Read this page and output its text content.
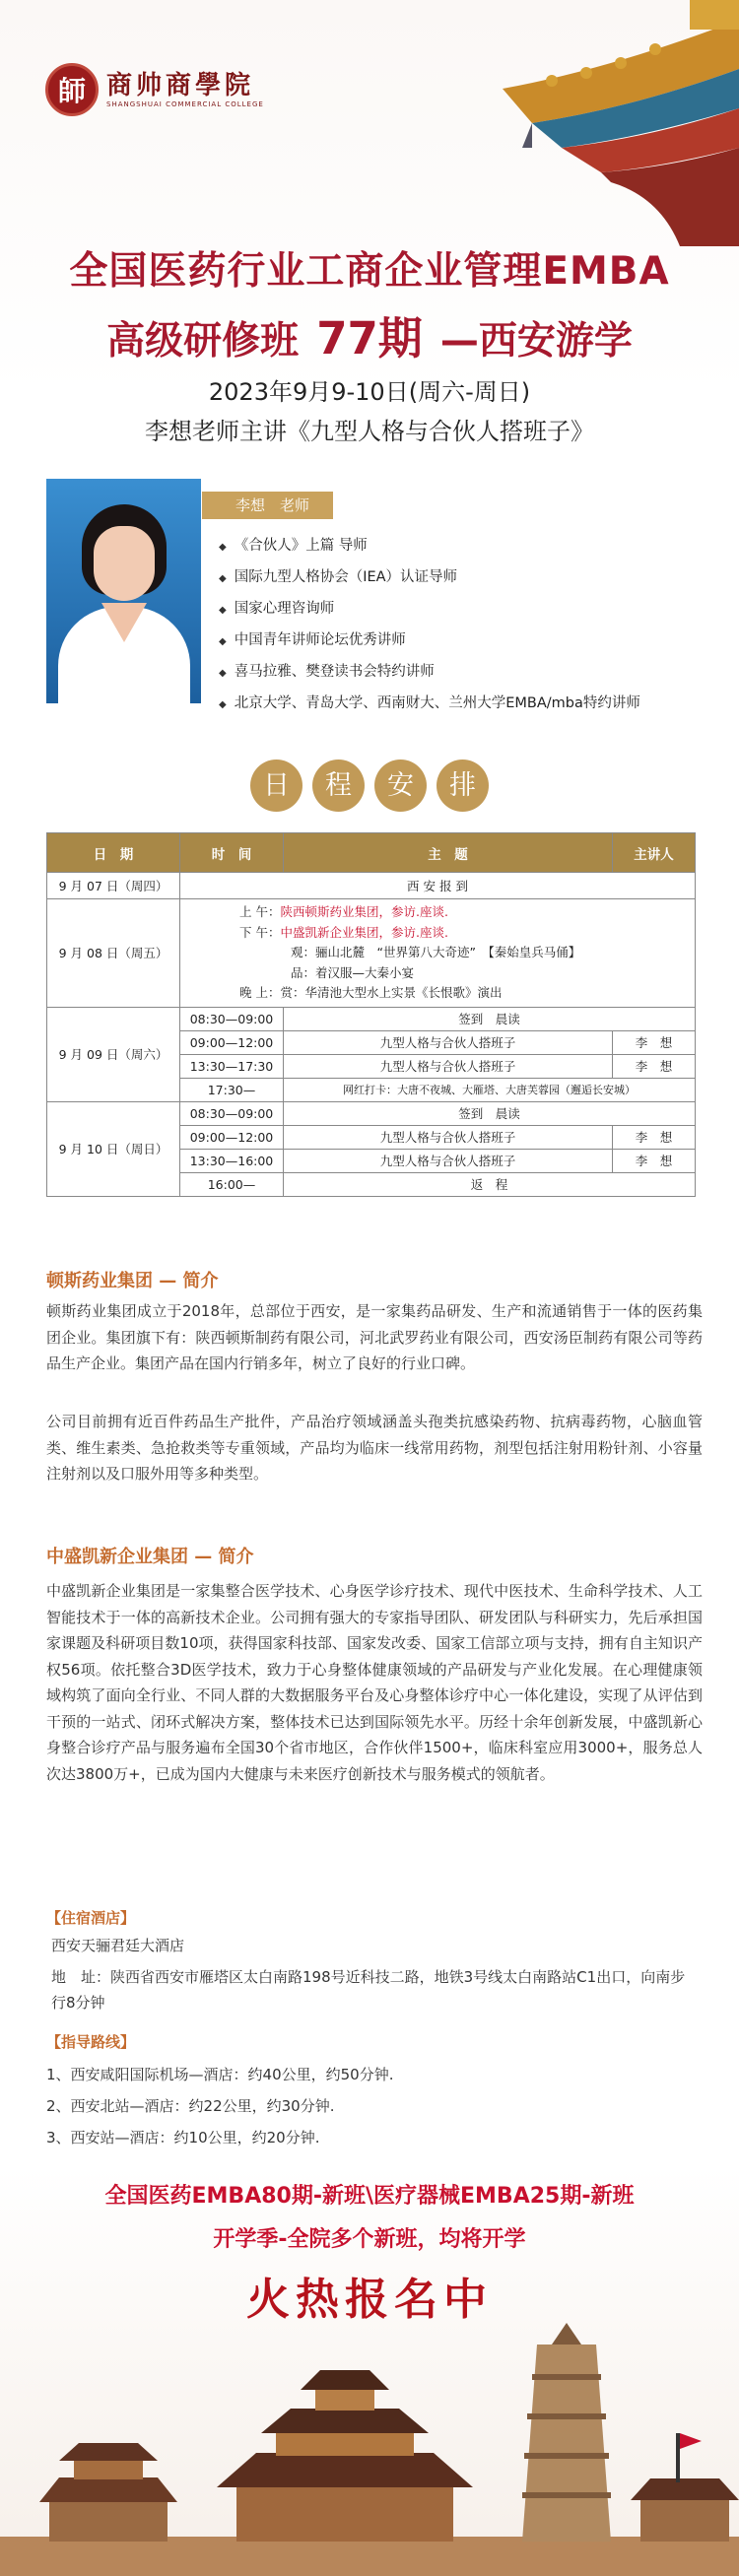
師 商帅商學院
SHANGSHUAI COMMERCIAL COLLEGE
全国医药行业工商企业管理EMBA
高级研修班 77期 —西安游学
2023年9月9-10日(周六-周日)
李想老师主讲《九型人格与合伙人搭班子》
李想　老师
◆ 《合伙人》上篇 导师
◆ 国际九型人格协会（IEA）认证导师
◆ 国家心理咨询师
◆ 中国青年讲师论坛优秀讲师
◆ 喜马拉雅、樊登读书会特约讲师
◆ 北京大学、青岛大学、西南财大、兰州大学EMBA/mba特约讲师
日	程	安	排
日　期	时　间	主　题	主讲人
9 月 07 日（周四）	西 安 报 到		
9 月 08 日（周五）	上 午：陕西顿斯药业集团，参访.座谈.
下 午：中盛凯新企业集团，参访.座谈.
观：骊山北麓　“世界第八大奇迹”　【秦始皇兵马俑】
品：着汉服—大秦小宴
晚 上：赏：华清池大型水上实景《长恨歌》演出		

9 月 09 日（周六）	08:30—09:00	签到　晨读	
	09:00—12:00	九型人格与合伙人搭班子	李　想
	13:30—17:30	九型人格与合伙人搭班子	李　想
	17:30—	网红打卡：大唐不夜城、大雁塔、大唐芙蓉园（邂逅长安城）	
9 月 10 日（周日）	08:30—09:00	签到　晨读	
	09:00—12:00	九型人格与合伙人搭班子	李　想
	13:30—16:00	九型人格与合伙人搭班子	李　想
	16:00—	返　程	
顿斯药业集团 — 简介
顿斯药业集团成立于2018年，总部位于西安，是一家集药品研发、生产和流通销售于一体的医药集团企业。集团旗下有：陕西顿斯制药有限公司，河北武罗药业有限公司，西安汤臣制药有限公司等药品生产企业。集团产品在国内行销多年，树立了良好的行业口碑。
公司目前拥有近百件药品生产批件，产品治疗领域涵盖头孢类抗感染药物、抗病毒药物，心脑血管类、维生素类、急抢救类等专重领域，产品均为临床一线常用药物，剂型包括注射用粉针剂、小容量注射剂以及口服外用等多种类型。
中盛凯新企业集团 — 简介
中盛凯新企业集团是一家集整合医学技术、心身医学诊疗技术、现代中医技术、生命科学技术、人工智能技术于一体的高新技术企业。公司拥有强大的专家指导团队、研发团队与科研实力，先后承担国家课题及科研项目数10项，获得国家科技部、国家发改委、国家工信部立项与支持，拥有自主知识产权56项。依托整合3D医学技术，致力于心身整体健康领域的产品研发与产业化发展。在心理健康领域构筑了面向全行业、不同人群的大数据服务平台及心身整体诊疗中心一体化建设，实现了从评估到干预的一站式、闭环式解决方案，整体技术已达到国际领先水平。历经十余年创新发展，中盛凯新心身整合诊疗产品与服务遍布全国30个省市地区，合作伙伴1500+，临床科室应用3000+，服务总人次达3800万+，已成为国内大健康与未来医疗创新技术与服务模式的领航者。
【住宿酒店】
西安天骊君廷大酒店
地　址：陕西省西安市雁塔区太白南路198号近科技二路，地铁3号线太白南路站C1出口，向南步行8分钟
【指导路线】
1、西安咸阳国际机场—酒店：约40公里，约50分钟.
2、西安北站—酒店：约22公里，约30分钟.
3、西安站—酒店：约10公里，约20分钟.
全国医药EMBA80期-新班\医疗器械EMBA25期-新班
开学季-全院多个新班，均将开学
火热报名中
